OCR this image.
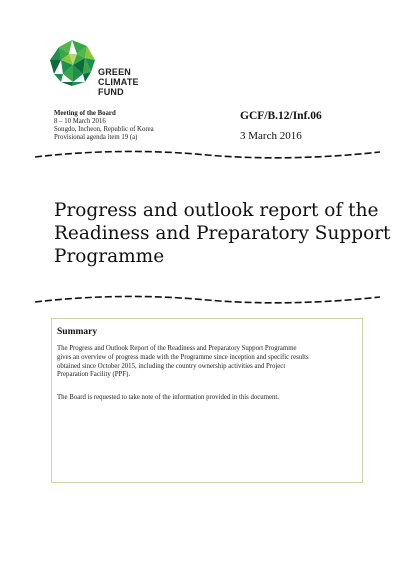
GREEN
CLIMATE
FUND
Meeting of the Board
8 – 10 March 2016
Songdo, Incheon, Republic of Korea
Provisional agenda item 19 (a)
GCF/B.12/Inf.06
3 March 2016
Progress and outlook report of the
Readiness and Preparatory Support
Programme
Summary
The Progress and Outlook Report of the Readiness and Preparatory Support Programme
gives an overview of progress made with the Programme since inception and specific results
obtained since October 2015, including the country ownership activities and Project
Preparation Facility (PPF).
The Board is requested to take note of the information provided in this document.
